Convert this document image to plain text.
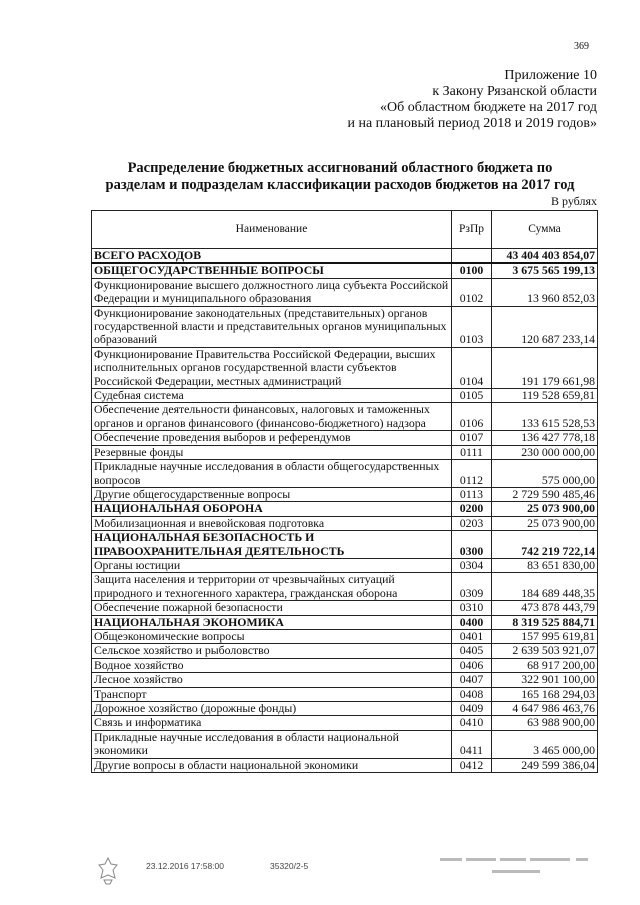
369
Приложение 10
к Закону Рязанской области
«Об областном бюджете на 2017 год
и на плановый период 2018 и 2019 годов»
Распределение бюджетных ассигнований областного бюджета по
разделам и подразделам классификации расходов бюджетов на 2017 год
В рублях
Наименование	РзПр	Сумма
ВСЕГО РАСХОДОВ		43 404 403 854,07
ОБЩЕГОСУДАРСТВЕННЫЕ ВОПРОСЫ	0100	3 675 565 199,13
Функционирование высшего должностного лица субъекта Российской Федерации и муниципального образования	0102	13 960 852,03
Функционирование законодательных (представительных) органов государственной власти и представительных органов муниципальных образований	0103	120 687 233,14
Функционирование Правительства Российской Федерации, высших исполнительных органов государственной власти субъектов Российской Федерации, местных администраций	0104	191 179 661,98
Судебная система	0105	119 528 659,81
Обеспечение деятельности финансовых, налоговых и таможенных органов и органов финансового (финансово-бюджетного) надзора	0106	133 615 528,53
Обеспечение проведения выборов и референдумов	0107	136 427 778,18
Резервные фонды	0111	230 000 000,00
Прикладные научные исследования в области общегосударственных вопросов	0112	575 000,00
Другие общегосударственные вопросы	0113	2 729 590 485,46
НАЦИОНАЛЬНАЯ ОБОРОНА	0200	25 073 900,00
Мобилизационная и вневойсковая подготовка	0203	25 073 900,00
НАЦИОНАЛЬНАЯ БЕЗОПАСНОСТЬ И ПРАВООХРАНИТЕЛЬНАЯ ДЕЯТЕЛЬНОСТЬ	0300	742 219 722,14
Органы юстиции	0304	83 651 830,00
Защита населения и территории от чрезвычайных ситуаций природного и техногенного характера, гражданская оборона	0309	184 689 448,35
Обеспечение пожарной безопасности	0310	473 878 443,79
НАЦИОНАЛЬНАЯ ЭКОНОМИКА	0400	8 319 525 884,71
Общеэкономические вопросы	0401	157 995 619,81
Сельское хозяйство и рыболовство	0405	2 639 503 921,07
Водное хозяйство	0406	68 917 200,00
Лесное хозяйство	0407	322 901 100,00
Транспорт	0408	165 168 294,03
Дорожное хозяйство (дорожные фонды)	0409	4 647 986 463,76
Связь и информатика	0410	63 988 900,00
Прикладные научные исследования в области национальной экономики	0411	3 465 000,00
Другие вопросы в области национальной экономики	0412	249 599 386,04
23.12.2016 17:58:00	35320/2-5
